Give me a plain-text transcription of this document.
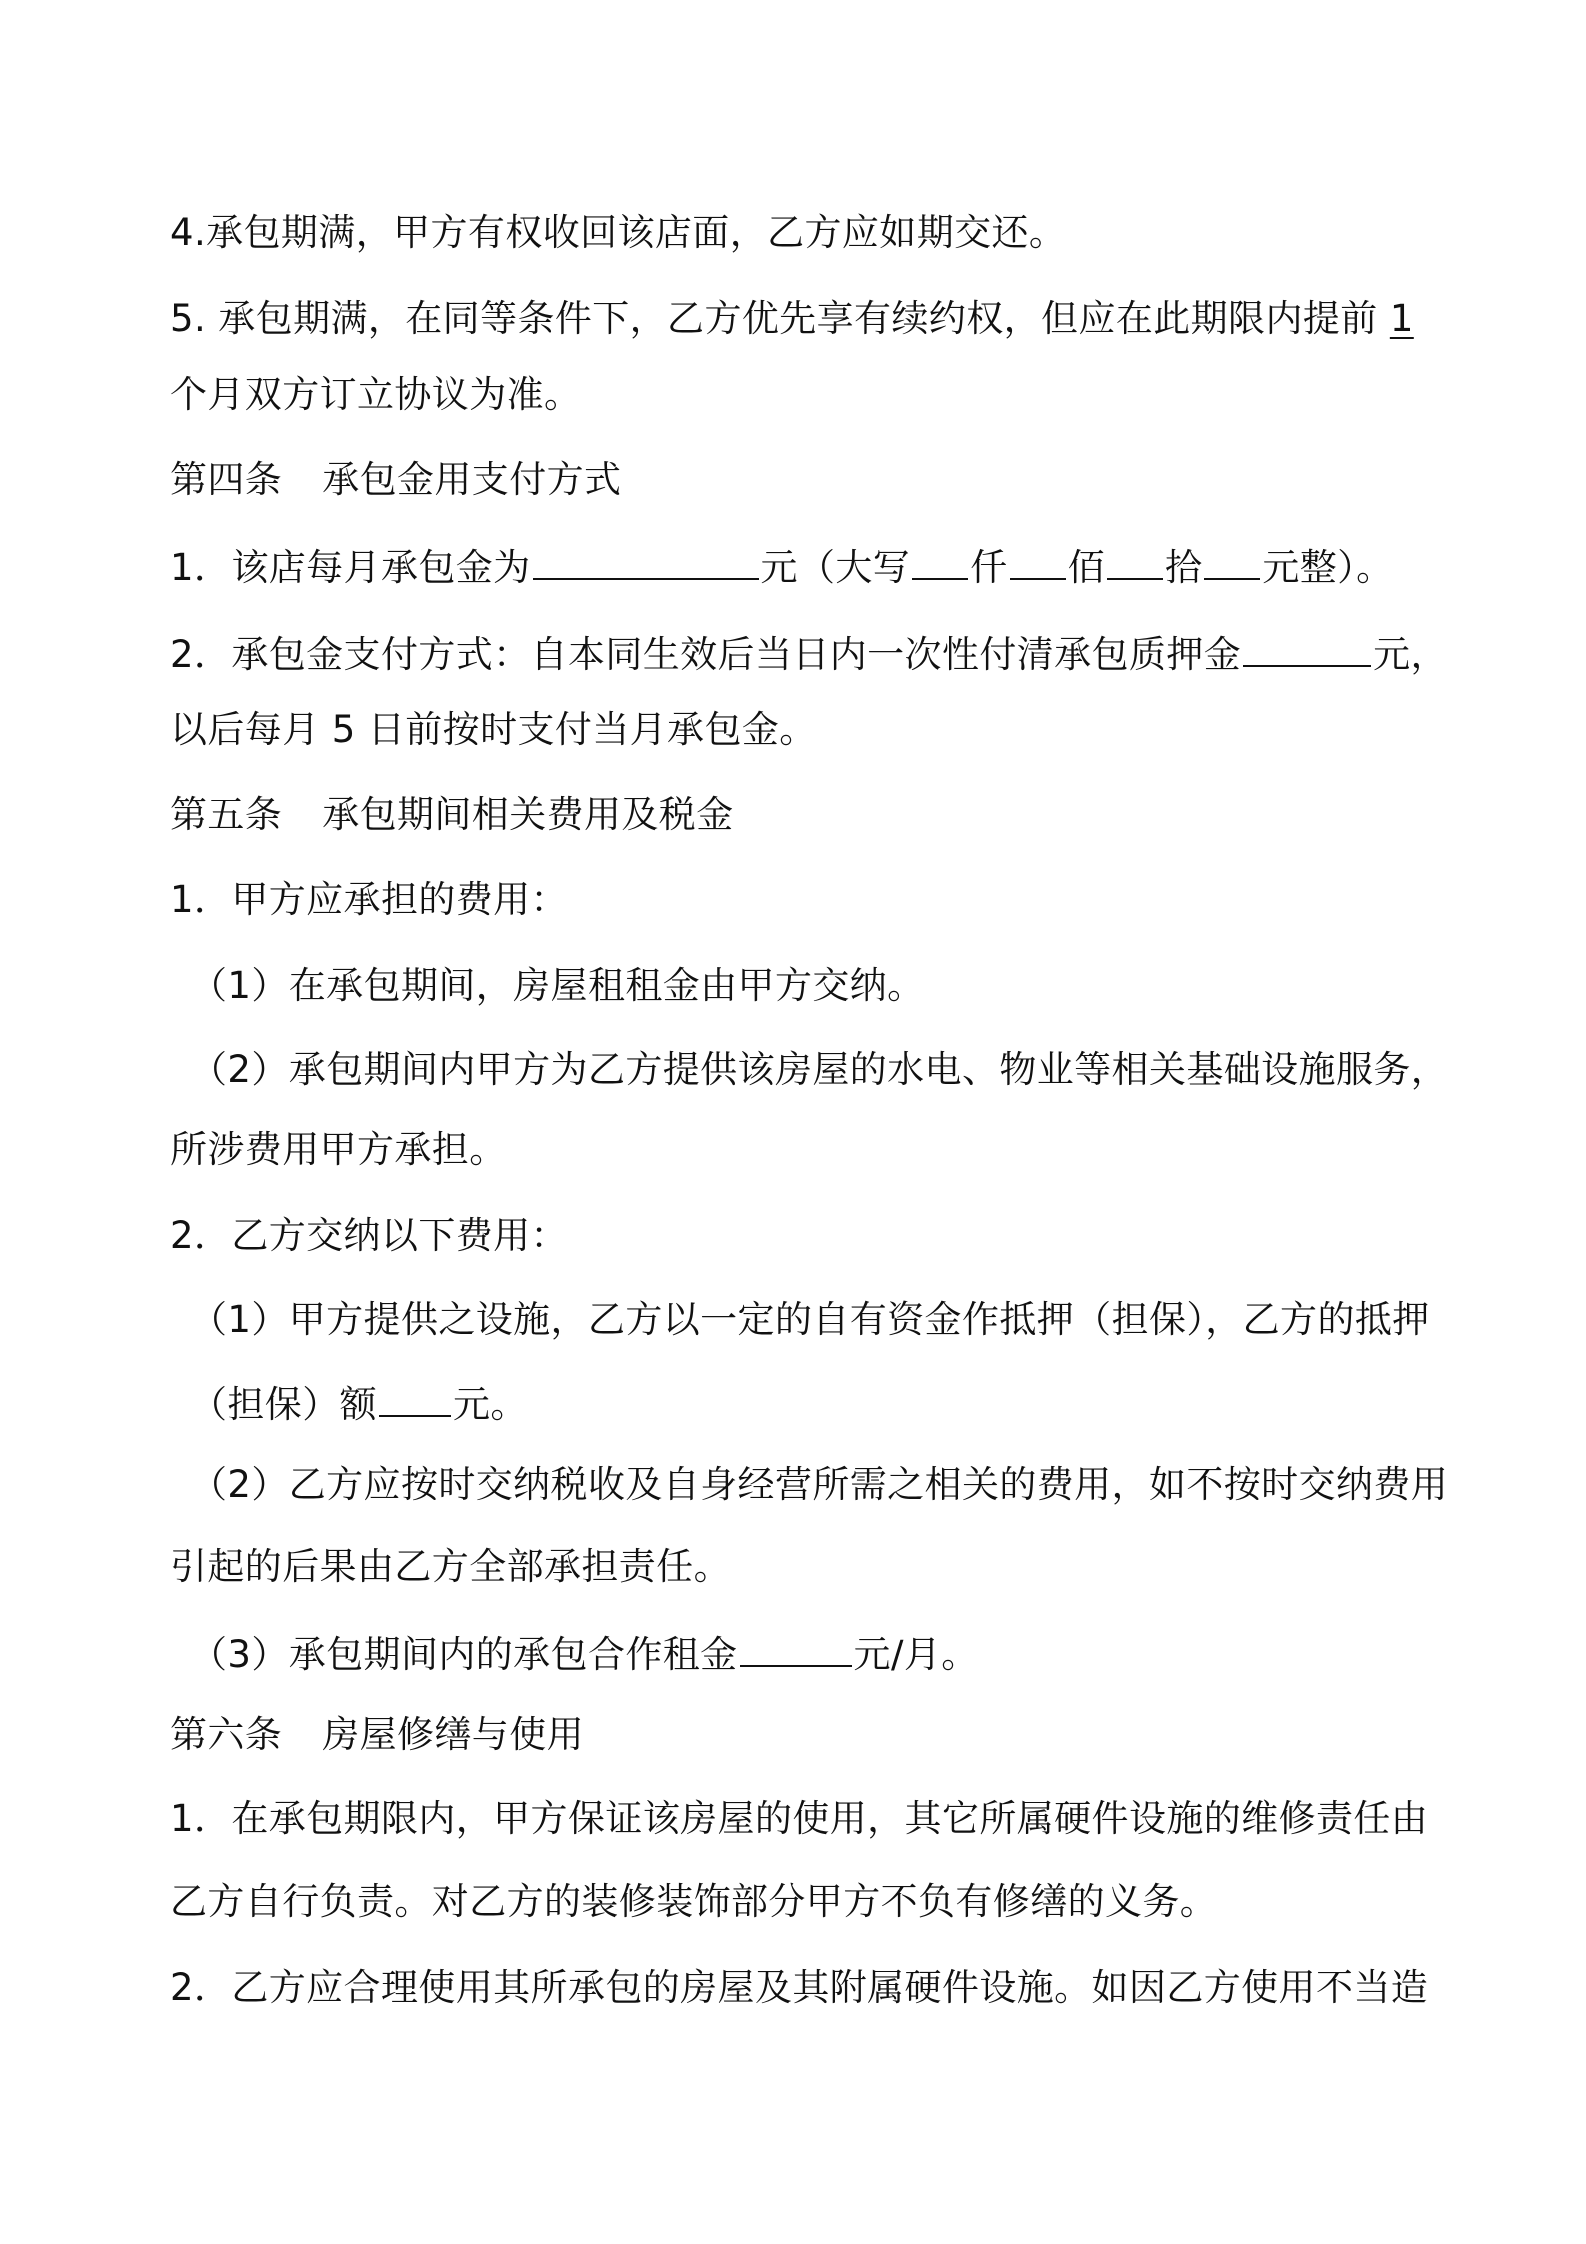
4.承包期满，甲方有权收回该店面，乙方应如期交还。
5. 承包期满，在同等条件下，乙方优先享有续约权，但应在此期限内提前 1
个月双方订立协议为准。
第四条 承包金用支付方式
1．该店每月承包金为	元（大写 仟 佰 拾 元整）。
2．承包金支付方式：自本同生效后当日内一次性付清承包质押金	元，
以后每月 5 日前按时支付当月承包金。
第五条 承包期间相关费用及税金
1．甲方应承担的费用：
（1）在承包期间，房屋租租金由甲方交纳。
（2）承包期间内甲方为乙方提供该房屋的水电、物业等相关基础设施服务，
所涉费用甲方承担。
2．乙方交纳以下费用：
（1）甲方提供之设施，乙方以一定的自有资金作抵押（担保），乙方的抵押
（担保）额 元。
（2）乙方应按时交纳税收及自身经营所需之相关的费用，如不按时交纳费用
引起的后果由乙方全部承担责任。
（3）承包期间内的承包合作租金	元/月。
第六条 房屋修缮与使用
1．在承包期限内，甲方保证该房屋的使用，其它所属硬件设施的维修责任由
乙方自行负责。对乙方的装修装饰部分甲方不负有修缮的义务。
2．乙方应合理使用其所承包的房屋及其附属硬件设施。如因乙方使用不当造
